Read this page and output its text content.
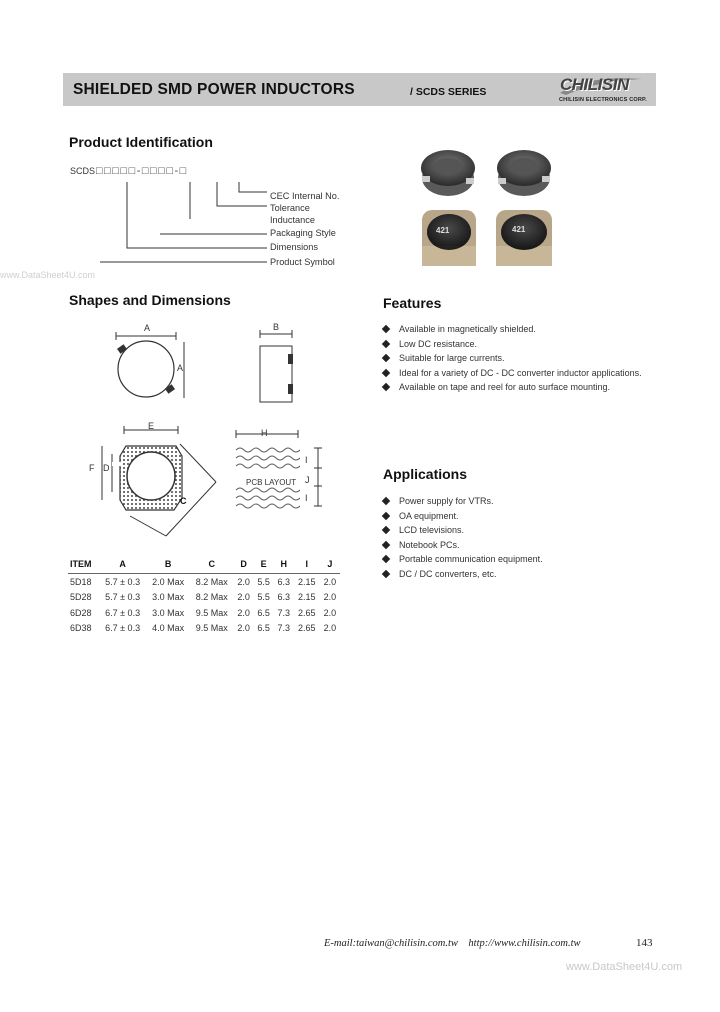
SHIELDED SMD POWER INDUCTORS	/ SCDS SERIES	CHILISIN
CHILISIN ELECTRONICS CORP.
Product Identification
SCDS □□□□□-□□□□-□
CEC Internal No.
Tolerance
Inductance
Packaging Style
Dimensions
Product Symbol
www.DataSheet4U.com
421	421
Shapes and Dimensions
A
A
B
E
F D
C
H
PCB LAYOUT
I
J
I
ITEM	A	B	C	D	E	H	I	J
5D18	5.7 ± 0.3	2.0 Max	8.2 Max	2.0	5.5	6.3	2.15	2.0
5D28	5.7 ± 0.3	3.0 Max	8.2 Max	2.0	5.5	6.3	2.15	2.0
6D28	6.7 ± 0.3	3.0 Max	9.5 Max	2.0	6.5	7.3	2.65	2.0
6D38	6.7 ± 0.3	4.0 Max	9.5 Max	2.0	6.5	7.3	2.65	2.0
Features
Available in magnetically shielded.
Low DC resistance.
Suitable for large currents.
Ideal for a variety of DC - DC converter inductor applications.
Available on tape and reel for auto surface mounting.
Applications
Power supply for VTRs.
OA equipment.
LCD televisions.
Notebook PCs.
Portable communication equipment.
DC / DC converters, etc.
E-mail:taiwan@chilisin.com.tw    http://www.chilisin.com.tw	143
www.DataSheet4U.com
